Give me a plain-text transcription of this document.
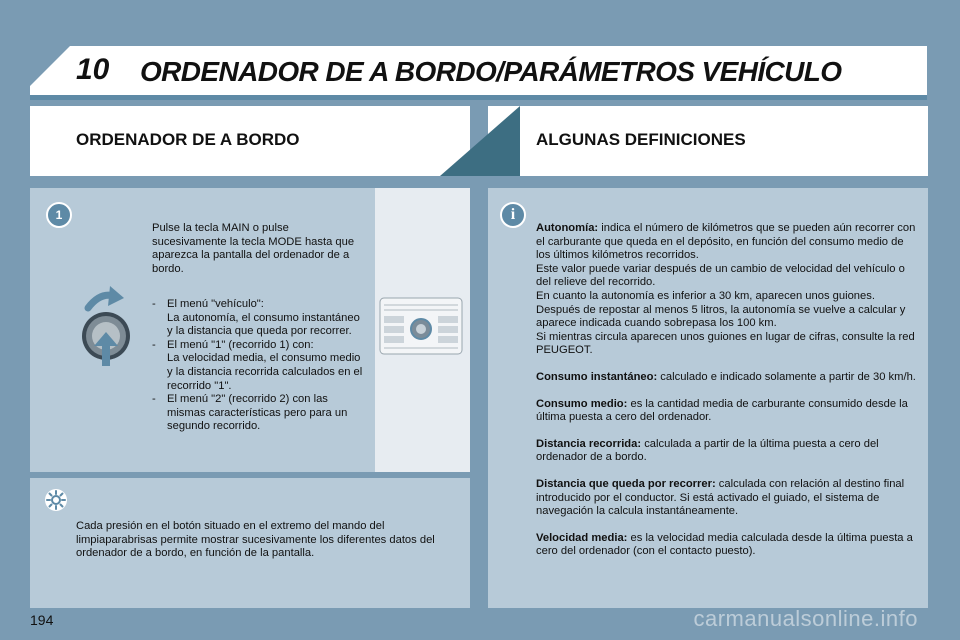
10 ORDENADOR DE A BORDO/PARÁMETROS VEHÍCULO
ORDENADOR DE A BORDO	ALGUNAS DEFINICIONES
1
Pulse la tecla MAIN o pulse sucesivamente la tecla MODE hasta que aparezca la pantalla del ordenador de a bordo.
- El menú "vehículo":
La autonomía, el consumo instantáneo y la distancia que queda por recorrer.
- El menú "1" (recorrido 1) con:
La velocidad media, el consumo medio y la distancia recorrida calculados en el recorrido "1".
- El menú "2" (recorrido 2) con las
mismas características pero para un segundo recorrido.
Cada presión en el botón situado en el extremo del mando del limpiaparabrisas permite mostrar sucesivamente los diferentes datos del ordenador de a bordo, en función de la pantalla.
i

Autonomía: indica el número de kilómetros que se pueden aún recorrer con el carburante que queda en el depósito, en función del consumo medio de los últimos kilómetros recorridos.
Este valor puede variar después de un cambio de velocidad del vehículo o del relieve del recorrido.
En cuanto la autonomía es inferior a 30 km, aparecen unos guiones. Después de repostar al menos 5 litros, la autonomía se vuelve a calcular y aparece indicada cuando sobrepasa los 100 km.
Si mientras circula aparecen unos guiones en lugar de cifras, consulte la red PEUGEOT.

Consumo instantáneo: calculado e indicado solamente a partir de 30 km/h.

Consumo medio: es la cantidad media de carburante consumido desde la última puesta a cero del ordenador.

Distancia recorrida: calculada a partir de la última puesta a cero del ordenador de a bordo.

Distancia que queda por recorrer: calculada con relación al destino final introducido por el conductor. Si está activado el guiado, el sistema de navegación la calcula instantáneamente.

Velocidad media: es la velocidad media calculada desde la última puesta a cero del ordenador (con el contacto puesto).

194	carmanualsonline.info
